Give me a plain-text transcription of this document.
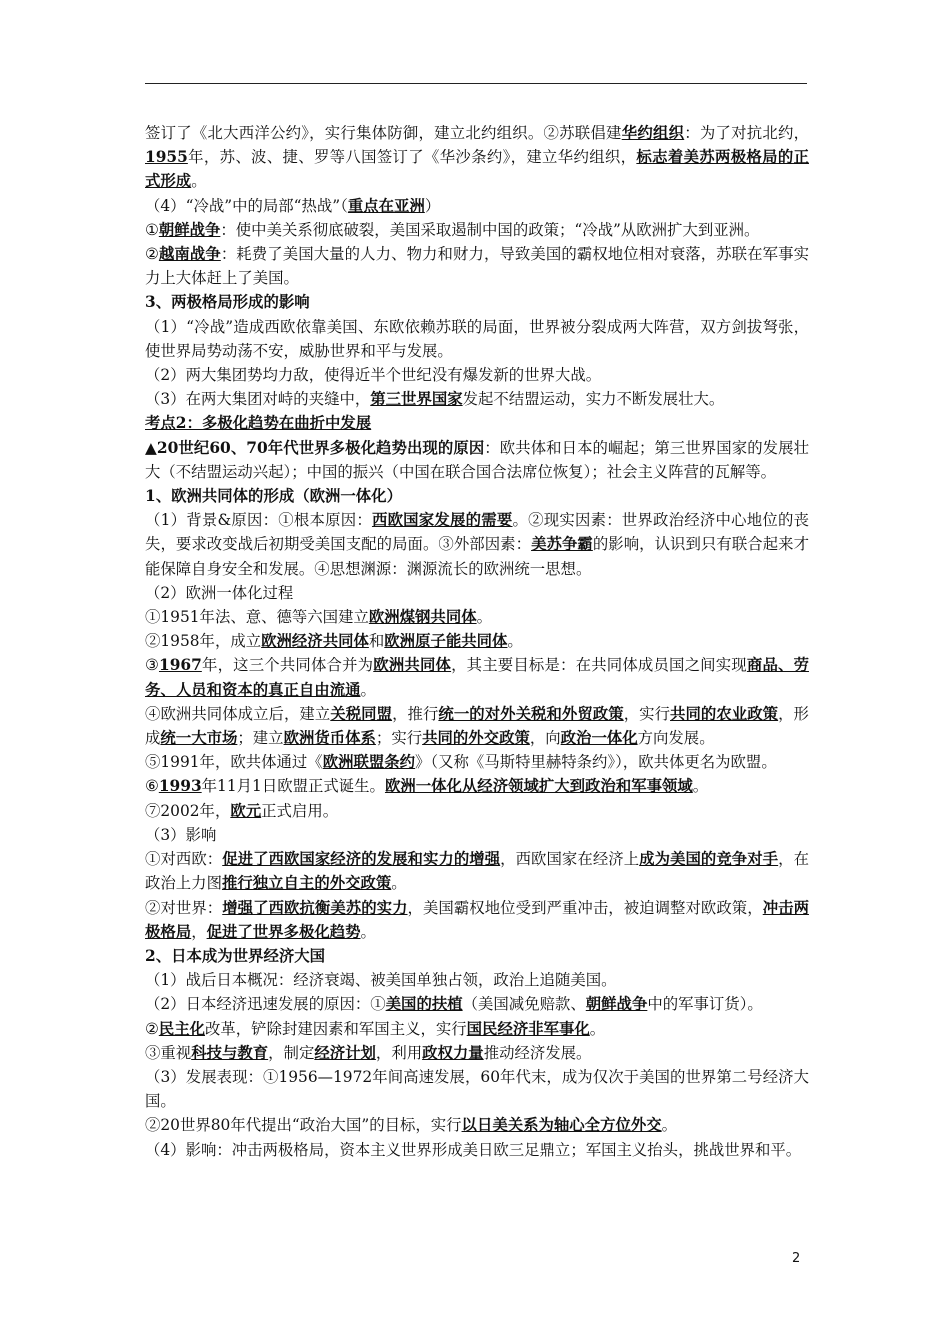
签订了《北大西洋公约》，实行集体防御，建立北约组织。②苏联倡建华约组织：为了对抗北约，1955年，苏、波、捷、罗等八国签订了《华沙条约》，建立华约组织，标志着美苏两极格局的正式形成。

（4）“冷战”中的局部“热战”（重点在亚洲）

①朝鲜战争：使中美关系彻底破裂，美国采取遏制中国的政策；“冷战”从欧洲扩大到亚洲。

②越南战争：耗费了美国大量的人力、物力和财力，导致美国的霸权地位相对衰落，苏联在军事实力上大体赶上了美国。

3、两极格局形成的影响

（1）“冷战”造成西欧依靠美国、东欧依赖苏联的局面，世界被分裂成两大阵营，双方剑拔弩张，使世界局势动荡不安，威胁世界和平与发展。

（2）两大集团势均力敌，使得近半个世纪没有爆发新的世界大战。

（3）在两大集团对峙的夹缝中，第三世界国家发起不结盟运动，实力不断发展壮大。

考点2：多极化趋势在曲折中发展

▲20世纪60、70年代世界多极化趋势出现的原因：欧共体和日本的崛起；第三世界国家的发展壮大（不结盟运动兴起）；中国的振兴（中国在联合国合法席位恢复）；社会主义阵营的瓦解等。

1、欧洲共同体的形成（欧洲一体化）

（1）背景&原因：①根本原因：西欧国家发展的需要。②现实因素：世界政治经济中心地位的丧失，要求改变战后初期受美国支配的局面。③外部因素：美苏争霸的影响，认识到只有联合起来才能保障自身安全和发展。④思想渊源：渊源流长的欧洲统一思想。

（2）欧洲一体化过程

①1951年法、意、德等六国建立欧洲煤钢共同体。

②1958年，成立欧洲经济共同体和欧洲原子能共同体。

③1967年，这三个共同体合并为欧洲共同体，其主要目标是：在共同体成员国之间实现商品、劳务、人员和资本的真正自由流通。

④欧洲共同体成立后，建立关税同盟，推行统一的对外关税和外贸政策，实行共同的农业政策，形成统一大市场；建立欧洲货币体系；实行共同的外交政策，向政治一体化方向发展。

⑤1991年，欧共体通过《欧洲联盟条约》（又称《马斯特里赫特条约》），欧共体更名为欧盟。

⑥1993年11月1日欧盟正式诞生。欧洲一体化从经济领域扩大到政治和军事领域。

⑦2002年，欧元正式启用。

（3）影响

①对西欧：促进了西欧国家经济的发展和实力的增强，西欧国家在经济上成为美国的竞争对手，在政治上力图推行独立自主的外交政策。

②对世界：增强了西欧抗衡美苏的实力，美国霸权地位受到严重冲击，被迫调整对欧政策，冲击两极格局，促进了世界多极化趋势。

2、日本成为世界经济大国

（1）战后日本概况：经济衰竭、被美国单独占领，政治上追随美国。

（2）日本经济迅速发展的原因：①美国的扶植（美国减免赔款、朝鲜战争中的军事订货）。

②民主化改革，铲除封建因素和军国主义，实行国民经济非军事化。

③重视科技与教育，制定经济计划，利用政权力量推动经济发展。

（3）发展表现：①1956—1972年间高速发展，60年代末，成为仅次于美国的世界第二号经济大国。

②20世界80年代提出“政治大国”的目标，实行以日美关系为轴心全方位外交。

（4）影响：冲击两极格局，资本主义世界形成美日欧三足鼎立；军国主义抬头，挑战世界和平。

2
